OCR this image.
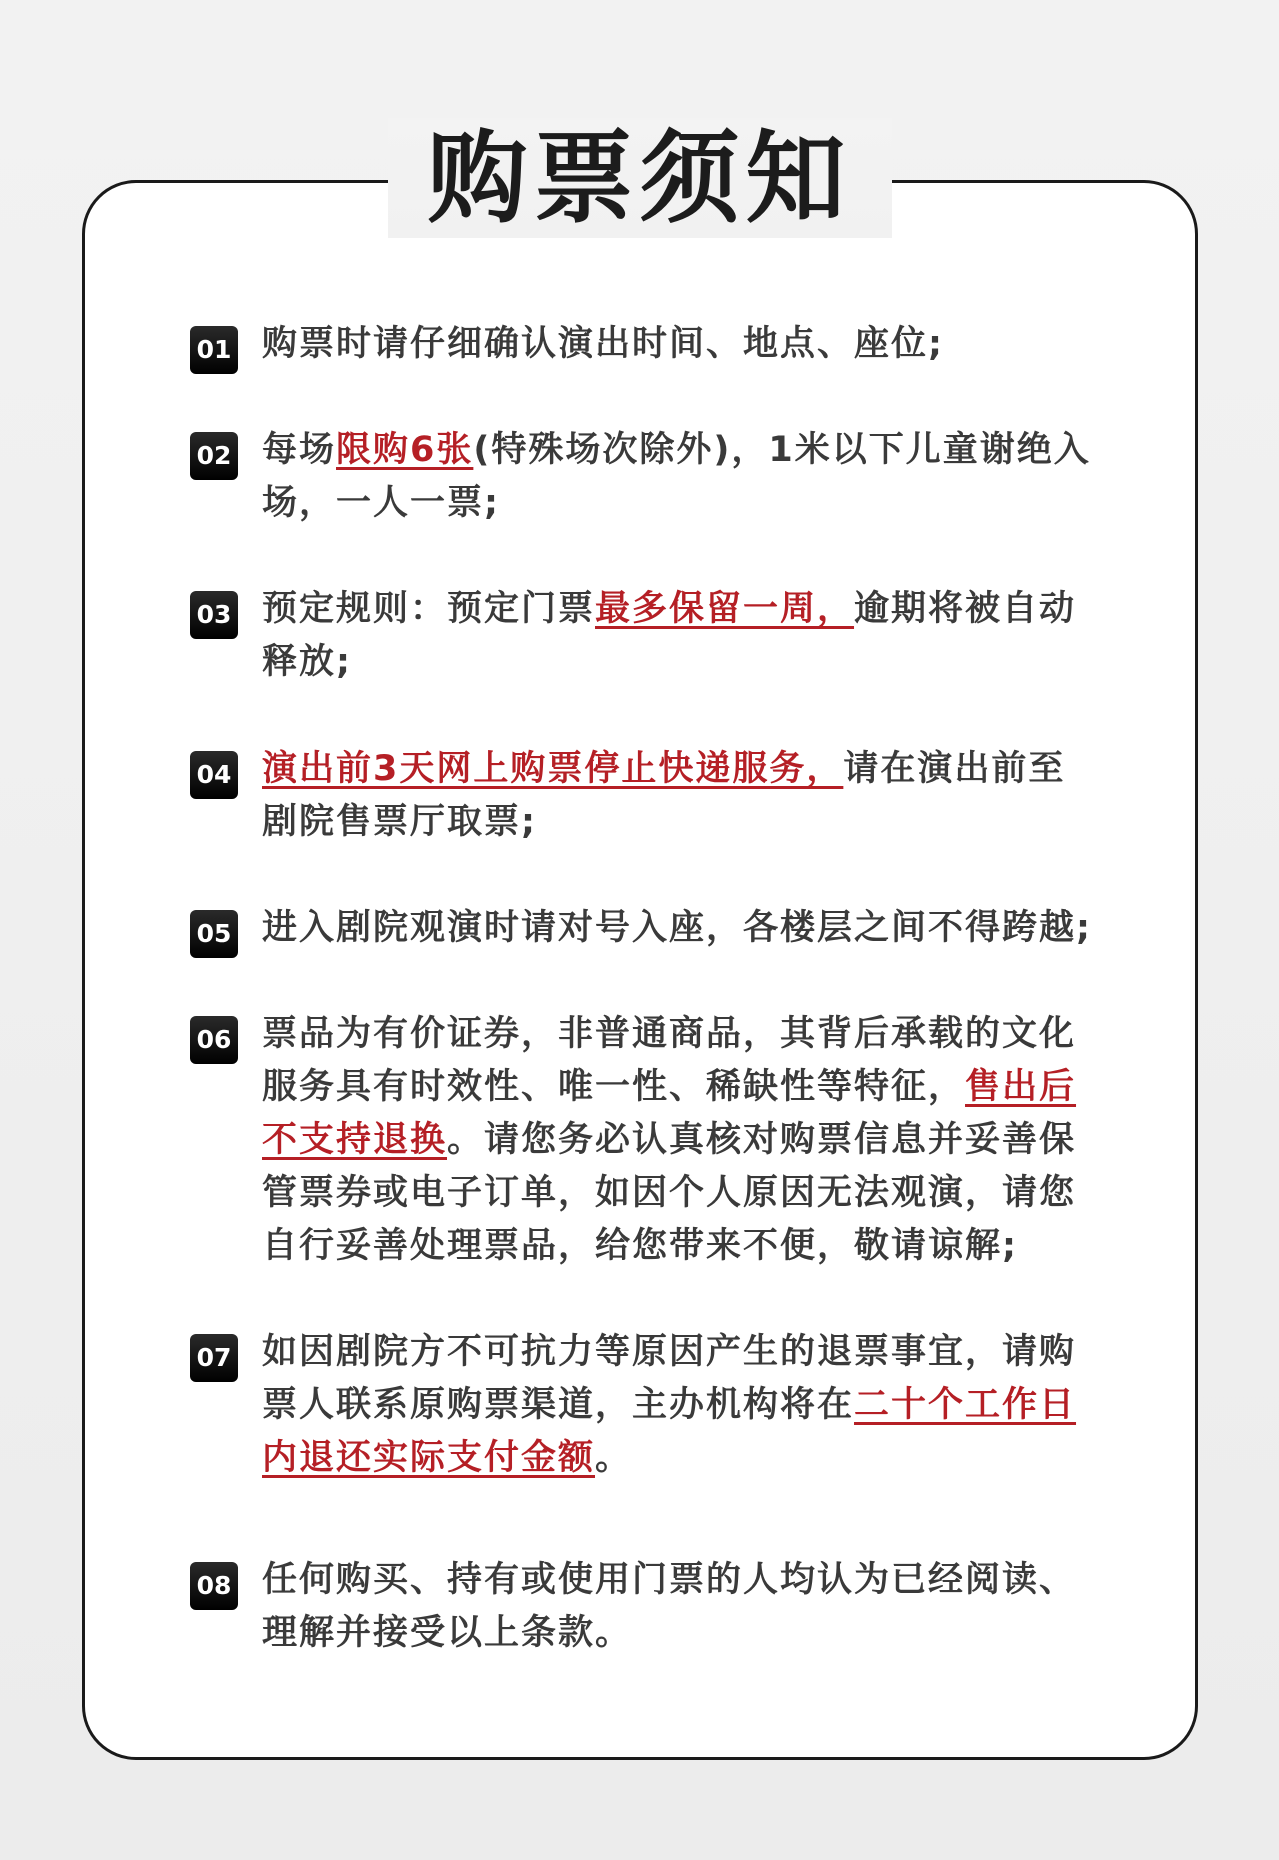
购票须知
01 购票时请仔细确认演出时间、地点、座位;
02 每场限购6张(特殊场次除外)，1米以下儿童谢绝入场，一人一票;
03 预定规则：预定门票最多保留一周，逾期将被自动释放;
04 演出前3天网上购票停止快递服务，请在演出前至剧院售票厅取票;
05 进入剧院观演时请对号入座，各楼层之间不得跨越;
06 票品为有价证券，非普通商品，其背后承载的文化服务具有时效性、唯一性、稀缺性等特征，售出后不支持退换。请您务必认真核对购票信息并妥善保管票券或电子订单，如因个人原因无法观演，请您自行妥善处理票品，给您带来不便，敬请谅解;
07 如因剧院方不可抗力等原因产生的退票事宜，请购票人联系原购票渠道，主办机构将在二十个工作日内退还实际支付金额。
08 任何购买、持有或使用门票的人均认为已经阅读、理解并接受以上条款。
